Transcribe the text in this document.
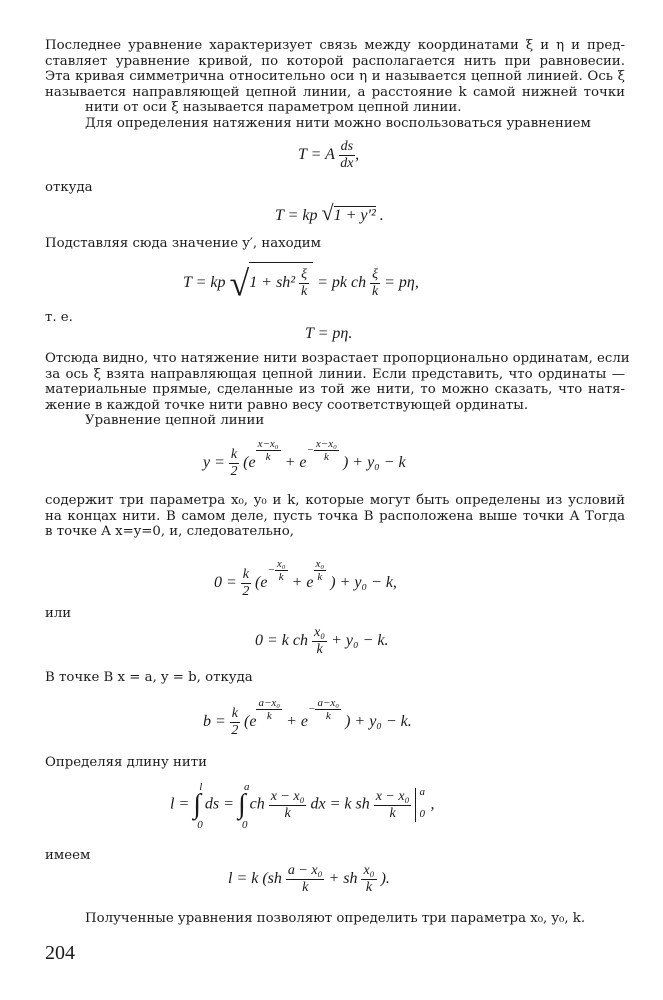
Последнее уравнение характеризует связь между координатами ξ и η и пред-
ставляет уравнение кривой, по которой располагается нить при равновесии.
Эта кривая симметрична относительно оси η и называется цепной линией. Ось ξ
называется направляющей цепной линии, а расстояние k самой нижней точки
нити от оси ξ называется параметром цепной линии.
Для определения натяжения нити можно воспользоваться уравнением
T = A $\frac{ds}{dx}$ ,
откуда
T = kp √1 + y′² .
Подставляя сюда значение y′, находим
T = kp $√1 + sh^2 \frac{\xi}{k}$ = pk ch $\frac{\xi}{k} = p\eta$,
т. е.
T = pη.
Отсюда видно, что натяжение нити возрастает пропорционально ординатам, если
за ось ξ взята направляющая цепной линии. Если представить, что ординаты —
материальные прямые, сделанные из той же нити, то можно сказать, что натя-
жение в каждой точке нити равно весу соответствующей ординаты.
Уравнение цепной линии
$y = \frac{k}{2} (e \frac{\text{x−x₀}}{k} + e- \frac{\text{x−x₀}}{k}$ ) + y₀ − k
содержит три параметра x₀, y₀ и k, которые могут быть определены из условий
на концах нити. В самом деле, пусть точка B расположена выше точки A Тогда
в точке A x=y=0, и, следовательно,
$0 = \frac{k}{2} (e- \frac{\text{x₀}}{k} + e \frac{\text{x₀}}{k}$ ) + y₀ − k,
или
0 = k ch $\frac{\text{x₀}}{k} + y_0 - k$.
В точке B x = a, y = b, откуда
$b = \frac{k}{2} (e \frac{\text{a−x₀}}{k} + e- \frac{\text{a−x₀}}{k}$ ) + y₀ − k.
Определяя длину нити
l = ∫
l
0
ds = ∫
a
0
ch $\frac{\text{x − x₀}}{k}$ dx = k sh $\frac{\text{x − x₀}}{k}$
a
0
,
имеем
l = k ($sh \frac{\text{a − x₀}}{k}$ + sh $\frac{\text{x₀}}{k}$ ).
Полученные уравнения позволяют определить три параметра x₀, y₀, k.
204
